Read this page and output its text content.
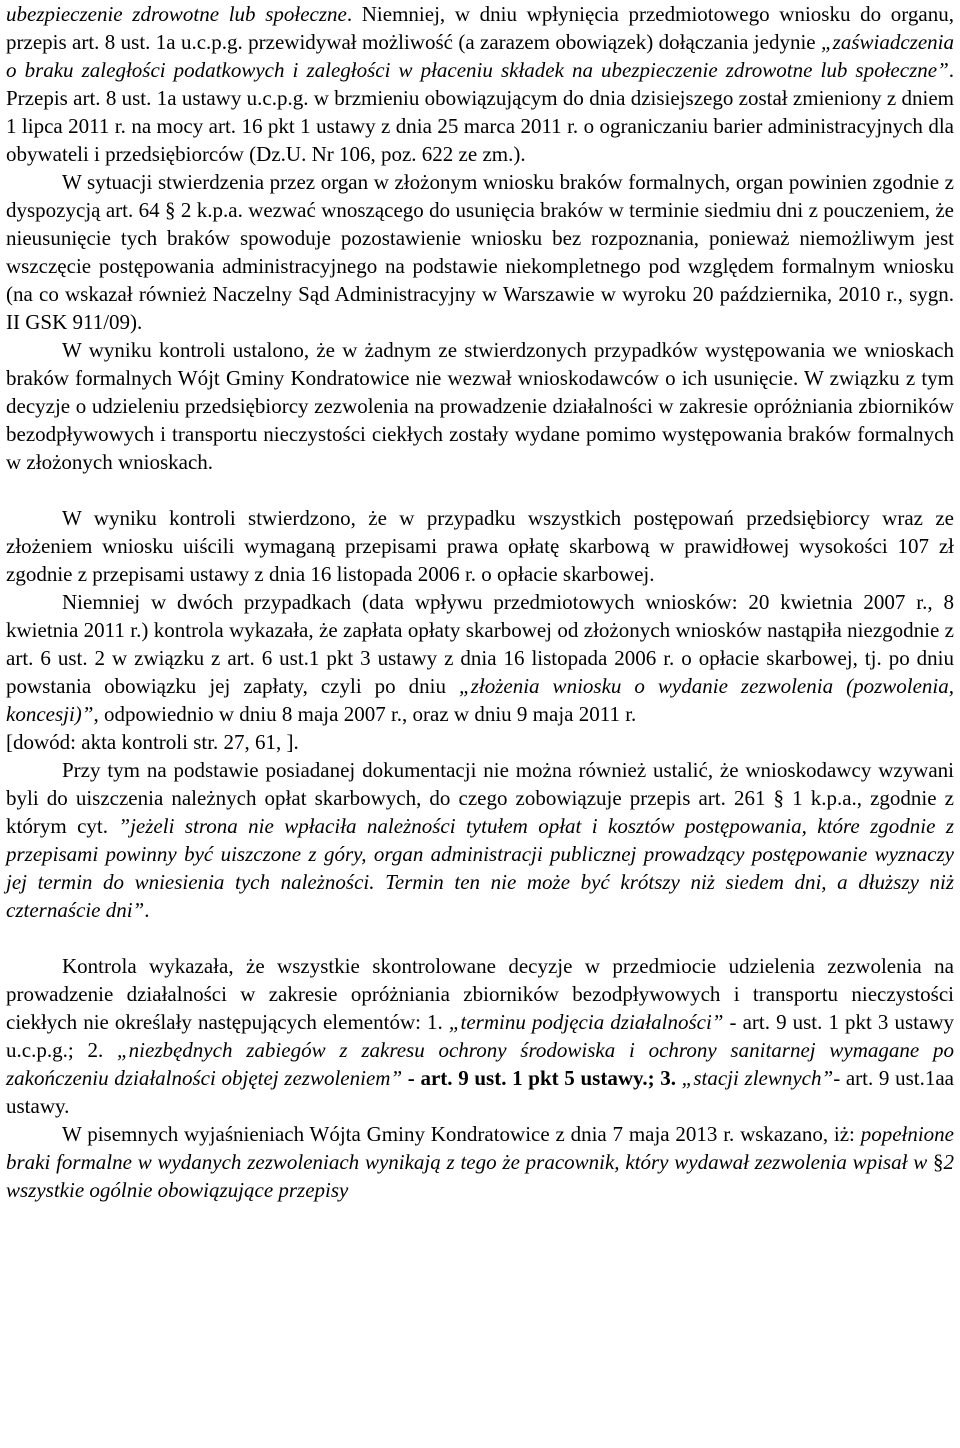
ubezpieczenie zdrowotne lub społeczne. Niemniej, w dniu wpłynięcia przedmiotowego wniosku do organu, przepis art. 8 ust. 1a u.c.p.g. przewidywał możliwość (a zarazem obowiązek) dołączania jedynie „zaświadczenia o braku zaległości podatkowych i zaległości w płaceniu składek na ubezpieczenie zdrowotne lub społeczne”. Przepis art. 8 ust. 1a ustawy u.c.p.g. w brzmieniu obowiązującym do dnia dzisiejszego został zmieniony z dniem 1 lipca 2011 r. na mocy art. 16 pkt 1 ustawy z dnia 25 marca 2011 r. o ograniczaniu barier administracyjnych dla obywateli i przedsiębiorców (Dz.U. Nr 106, poz. 622 ze zm.).

W sytuacji stwierdzenia przez organ w złożonym wniosku braków formalnych, organ powinien zgodnie z dyspozycją art. 64 § 2 k.p.a. wezwać wnoszącego do usunięcia braków w terminie siedmiu dni z pouczeniem, że nieusunięcie tych braków spowoduje pozostawienie wniosku bez rozpoznania, ponieważ niemożliwym jest wszczęcie postępowania administracyjnego na podstawie niekompletnego pod względem formalnym wniosku (na co wskazał również Naczelny Sąd Administracyjny w Warszawie w wyroku 20 października, 2010 r., sygn. II GSK 911/09).

W wyniku kontroli ustalono, że w żadnym ze stwierdzonych przypadków występowania we wnioskach braków formalnych Wójt Gminy Kondratowice nie wezwał wnioskodawców o ich usunięcie. W związku z tym decyzje o udzieleniu przedsiębiorcy zezwolenia na prowadzenie działalności w zakresie opróżniania zbiorników bezodpływowych i transportu nieczystości ciekłych zostały wydane pomimo występowania braków formalnych w złożonych wnioskach.

W wyniku kontroli stwierdzono, że w przypadku wszystkich postępowań przedsiębiorcy wraz ze złożeniem wniosku uiścili wymaganą przepisami prawa opłatę skarbową w prawidłowej wysokości 107 zł zgodnie z przepisami ustawy z dnia 16 listopada 2006 r. o opłacie skarbowej.

Niemniej w dwóch przypadkach (data wpływu przedmiotowych wniosków: 20 kwietnia 2007 r., 8 kwietnia 2011 r.) kontrola wykazała, że zapłata opłaty skarbowej od złożonych wniosków nastąpiła niezgodnie z art. 6 ust. 2 w związku z art. 6 ust.1 pkt 3 ustawy z dnia 16 listopada 2006 r. o opłacie skarbowej, tj. po dniu powstania obowiązku jej zapłaty, czyli po dniu „złożenia wniosku o wydanie zezwolenia (pozwolenia, koncesji)”, odpowiednio w dniu 8 maja 2007 r., oraz w dniu 9 maja 2011 r.

[dowód: akta kontroli str. 27, 61, ].

Przy tym na podstawie posiadanej dokumentacji nie można również ustalić, że wnioskodawcy wzywani byli do uiszczenia należnych opłat skarbowych, do czego zobowiązuje przepis art. 261 § 1 k.p.a., zgodnie z którym cyt. ”jeżeli strona nie wpłaciła należności tytułem opłat i kosztów postępowania, które zgodnie z przepisami powinny być uiszczone z góry, organ administracji publicznej prowadzący postępowanie wyznaczy jej termin do wniesienia tych należności. Termin ten nie może być krótszy niż siedem dni, a dłuższy niż czternaście dni”.

Kontrola wykazała, że wszystkie skontrolowane decyzje w przedmiocie udzielenia zezwolenia na prowadzenie działalności w zakresie opróżniania zbiorników bezodpływowych i transportu nieczystości ciekłych nie określały następujących elementów: 1. „terminu podjęcia działalności” - art. 9 ust. 1 pkt 3 ustawy u.c.p.g.; 2. „niezbędnych zabiegów z zakresu ochrony środowiska i ochrony sanitarnej wymagane po zakończeniu działalności objętej zezwoleniem” - art. 9 ust. 1 pkt 5 ustawy.; 3. „stacji zlewnych”- art. 9 ust.1aa ustawy.

W pisemnych wyjaśnieniach Wójta Gminy Kondratowice z dnia 7 maja 2013 r. wskazano, iż: popełnione braki formalne w wydanych zezwoleniach wynikają z tego że pracownik, który wydawał zezwolenia wpisał w §2 wszystkie ogólnie obowiązujące przepisy
